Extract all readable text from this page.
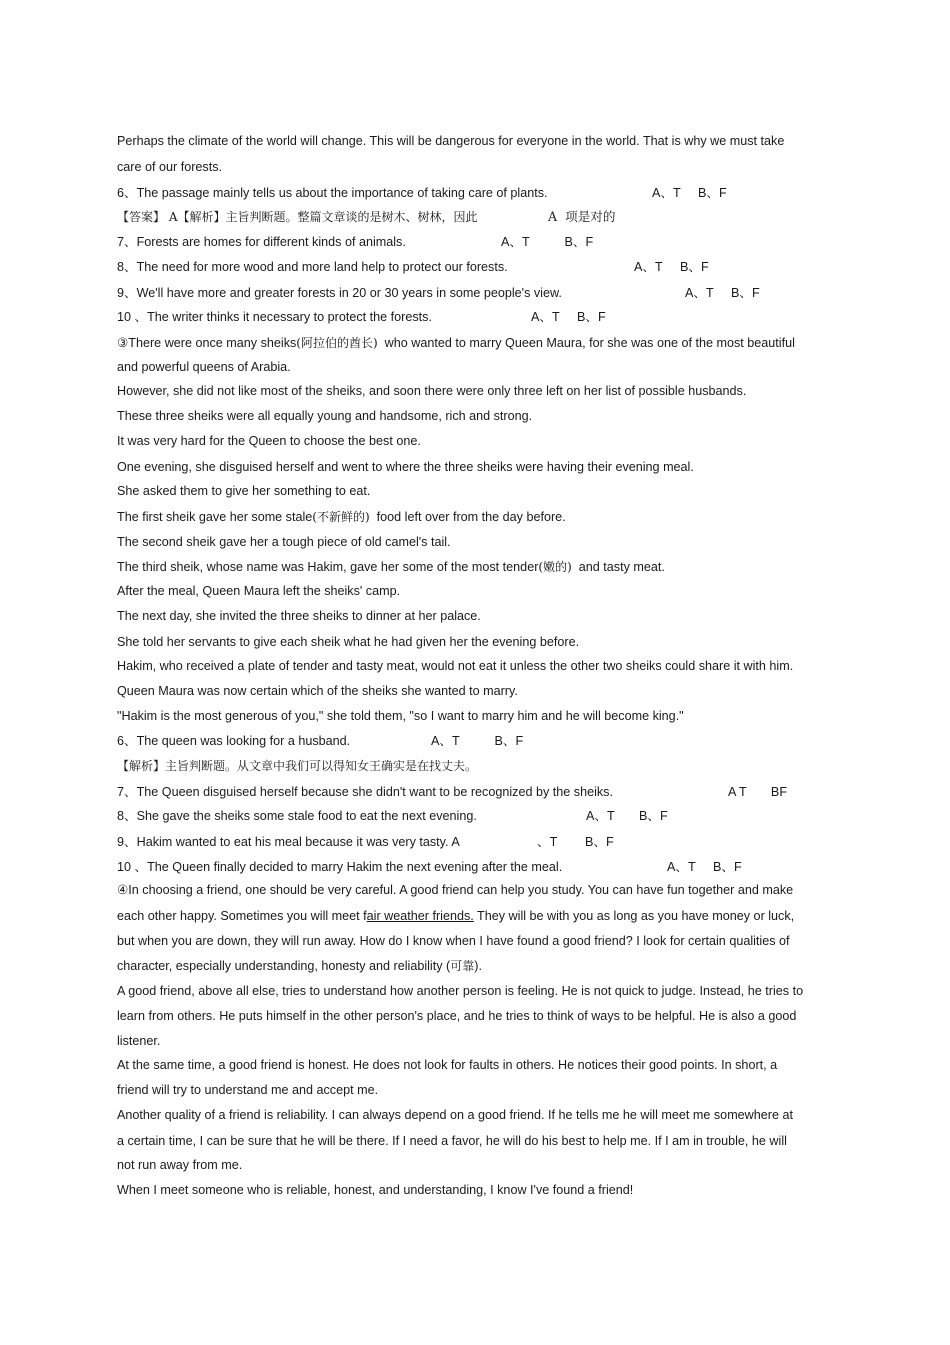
Perhaps the climate of the world will change. This will be dangerous for everyone in the world. That is why we must take
care of our forests.
6、The passage mainly tells us about the importance of taking care of plants.	A、T     B、F
【答案】 A【解析】主旨判断题。整篇文章谈的是树木、树林，因此	A  项是对的
7、Forests are homes for different kinds of animals.	A、T          B、F
8、The need for more wood and more land help to protect our forests.	A、T     B、F
9、We'll have more and greater forests in 20 or 30 years in some people's view.	A、T     B、F
10 、The writer thinks it necessary to protect the forests.	A、T     B、F
③There were once many sheiks(阿拉伯的酋长)  who wanted to marry Queen Maura, for she was one of the most beautiful
and powerful queens of Arabia.
However, she did not like most of the sheiks, and soon there were only three left on her list of possible husbands.
These three sheiks were all equally young and handsome, rich and strong.
It was very hard for the Queen to choose the best one.
One evening, she disguised herself and went to where the three sheiks were having their evening meal.
She asked them to give her something to eat.
The first sheik gave her some stale(不新鲜的)  food left over from the day before.
The second sheik gave her a tough piece of old camel's tail.
The third sheik, whose name was Hakim, gave her some of the most tender(嫩的)  and tasty meat.
After the meal, Queen Maura left the sheiks' camp.
The next day, she invited the three sheiks to dinner at her palace.
She told her servants to give each sheik what he had given her the evening before.
Hakim, who received a plate of tender and tasty meat, would not eat it unless the other two sheiks could share it with him.
Queen Maura was now certain which of the sheiks she wanted to marry.
"Hakim is the most generous of you," she told them, "so I want to marry him and he will become king."
6、The queen was looking for a husband.	A、T          B、F
【解析】主旨判断题。从文章中我们可以得知女王确实是在找丈夫。
7、The Queen disguised herself because she didn't want to be recognized by the sheiks.	A T       BF
8、She gave the sheiks some stale food to eat the next evening.	A、T       B、F
9、Hakim wanted to eat his meal because it was very tasty. A	、T        B、F
10 、The Queen finally decided to marry Hakim the next evening after the meal.	A、T     B、F
④In choosing a friend, one should be very careful. A good friend can help you study. You can have fun together and make
each other happy. Sometimes you will meet fair weather friends. They will be with you as long as you have money or luck,
but when you are down, they will run away. How do I know when I have found a good friend? I look for certain qualities of
character, especially understanding, honesty and reliability (可靠).
A good friend, above all else, tries to understand how another person is feeling. He is not quick to judge. Instead, he tries to
learn from others. He puts himself in the other person's place, and he tries to think of ways to be helpful. He is also a good
listener.
At the same time, a good friend is honest. He does not look for faults in others. He notices their good points. In short, a
friend will try to understand me and accept me.
Another quality of a friend is reliability. I can always depend on a good friend. If he tells me he will meet me somewhere at
a certain time, I can be sure that he will be there. If I need a favor, he will do his best to help me. If I am in trouble, he will
not run away from me.
When I meet someone who is reliable, honest, and understanding, I know I've found a friend!
